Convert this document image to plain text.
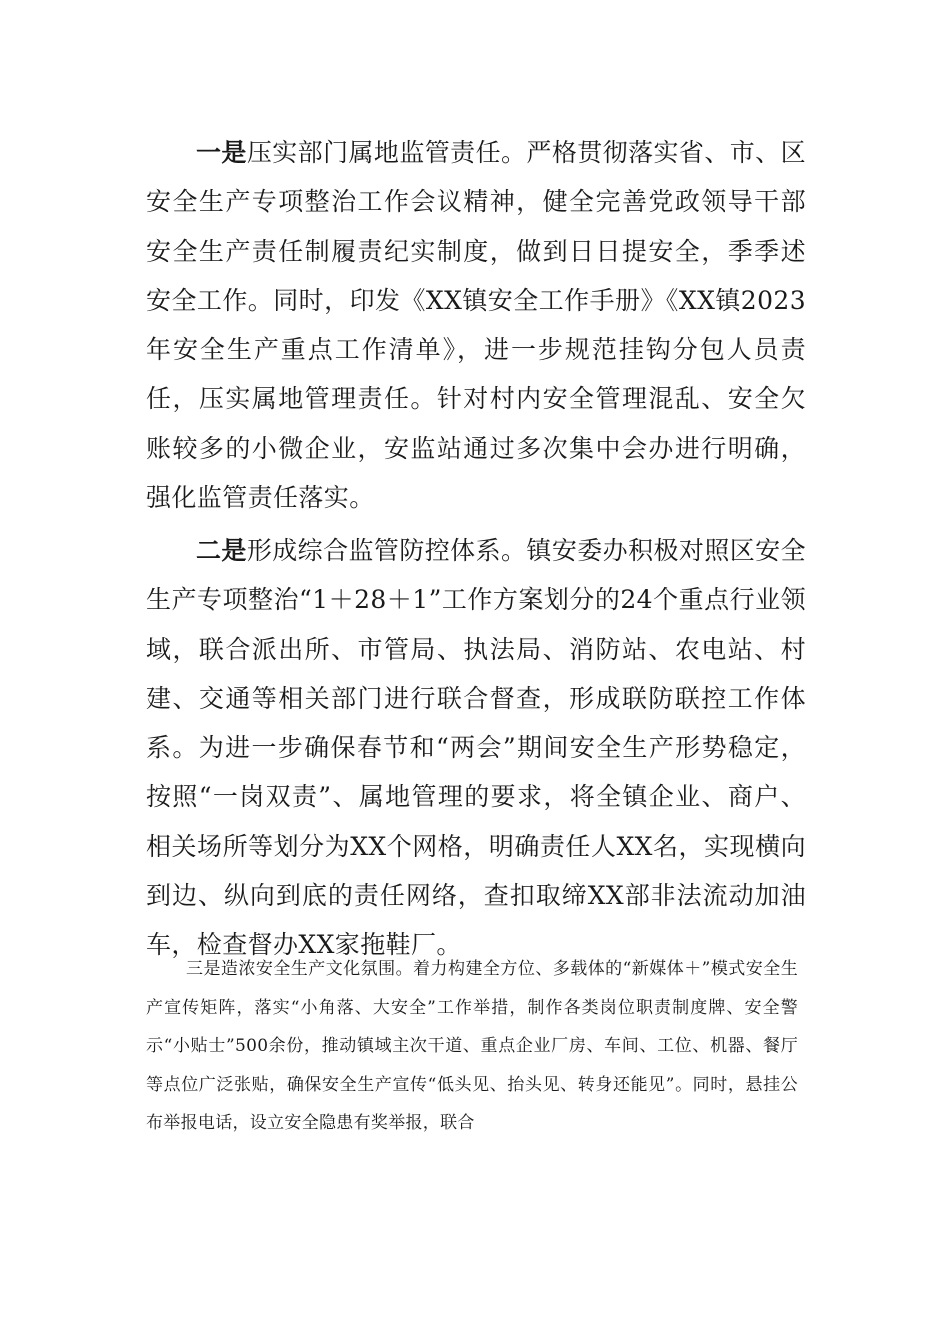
一是压实部门属地监管责任。严格贯彻落实省、市、区安全生产专项整治工作会议精神，健全完善党政领导干部安全生产责任制履责纪实制度，做到日日提安全，季季述安全工作。同时，印发《XX镇安全工作手册》《XX镇2023年安全生产重点工作清单》，进一步规范挂钩分包人员责任，压实属地管理责任。针对村内安全管理混乱、安全欠账较多的小微企业，安监站通过多次集中会办进行明确，强化监管责任落实。

二是形成综合监管防控体系。镇安委办积极对照区安全生产专项整治“1＋28＋1”工作方案划分的24个重点行业领域，联合派出所、市管局、执法局、消防站、农电站、村建、交通等相关部门进行联合督查，形成联防联控工作体系。为进一步确保春节和“两会”期间安全生产形势稳定，按照“一岗双责”、属地管理的要求，将全镇企业、商户、相关场所等划分为XX个网格，明确责任人XX名，实现横向到边、纵向到底的责任网络，查扣取缔XX部非法流动加油车，检查督办XX家拖鞋厂。

三是造浓安全生产文化氛围。着力构建全方位、多载体的“新媒体＋”模式安全生产宣传矩阵，落实“小角落、大安全”工作举措，制作各类岗位职责制度牌、安全警示“小贴士”500余份，推动镇域主次干道、重点企业厂房、车间、工位、机器、餐厅等点位广泛张贴，确保安全生产宣传“低头见、抬头见、转身还能见”。同时，悬挂公布举报电话，设立安全隐患有奖举报，联合
